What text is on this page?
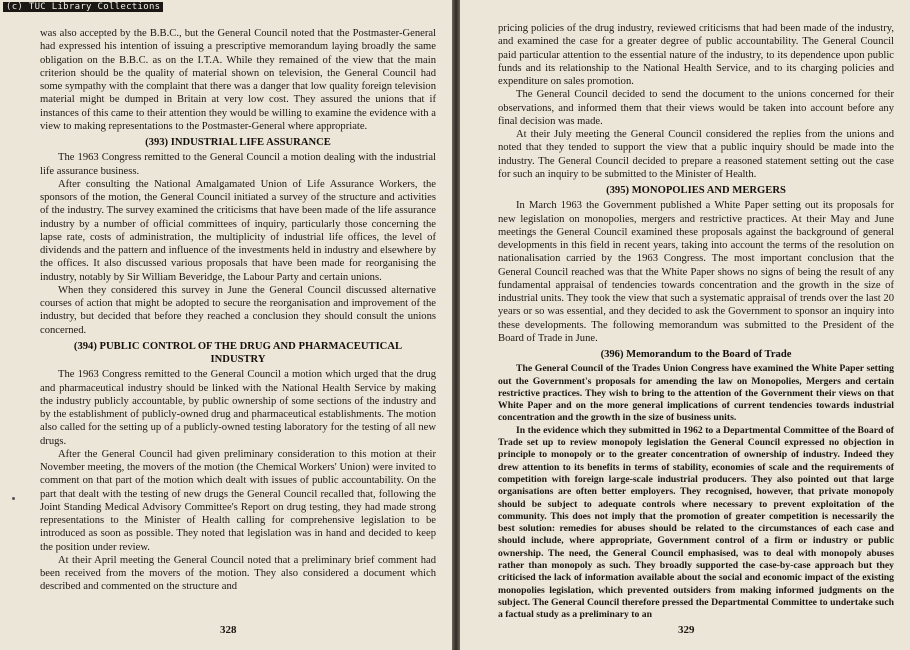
was also accepted by the B.B.C., but the General Council noted that the Postmaster-General had expressed his intention of issuing a prescriptive memorandum laying broadly the same obligation on the B.B.C. as on the I.T.A. While they remained of the view that the main criterion should be the quality of material shown on television, the General Council had some sympathy with the complaint that there was a danger that low quality foreign television material might be dumped in Britain at very low cost. They assured the unions that if instances of this came to their attention they would be willing to examine the evidence with a view to making representations to the Postmaster-General where appropriate.

(393) INDUSTRIAL LIFE ASSURANCE

The 1963 Congress remitted to the General Council a motion dealing with the industrial life assurance business.

After consulting the National Amalgamated Union of Life Assurance Workers, the sponsors of the motion, the General Council initiated a survey of the structure and activities of the industry. The survey examined the criticisms that have been made of the life assurance industry by a number of official committees of inquiry, particularly those concerning the lapse rate, costs of administration, the multiplicity of industrial life offices, the level of dividends and the pattern and influence of the investments held in industry and elsewhere by the offices. It also discussed various proposals that have been made for reorganising the industry, notably by Sir William Beveridge, the Labour Party and certain unions.

When they considered this survey in June the General Council discussed alternative courses of action that might be adopted to secure the reorganisation and improvement of the industry, but decided that before they reached a conclusion they should consult the unions concerned.

(394) PUBLIC CONTROL OF THE DRUG AND PHARMACEUTICAL
INDUSTRY

The 1963 Congress remitted to the General Council a motion which urged that the drug and pharmaceutical industry should be linked with the National Health Service by making the industry publicly accountable, by public ownership of some sections of the industry and by the establishment of publicly-owned drug and pharmaceutical establishments. The motion also called for the setting up of a publicly-owned testing laboratory for the testing of all new drugs.

After the General Council had given preliminary consideration to this motion at their November meeting, the movers of the motion (the Chemical Workers' Union) were invited to comment on that part of the motion which dealt with issues of public accountability. On the part that dealt with the testing of new drugs the General Council recalled that, following the Joint Standing Medical Advisory Committee's Report on drug testing, they had made strong representations to the Minister of Health calling for comprehensive legislation to be introduced as soon as possible. They noted that legislation was in hand and decided to keep the position under review.

At their April meeting the General Council noted that a preliminary brief comment had been received from the movers of the motion. They also considered a document which described and commented on the structure and

328

pricing policies of the drug industry, reviewed criticisms that had been made of the industry, and examined the case for a greater degree of public accountability. The General Council paid particular attention to the essential nature of the industry, to its dependence upon public funds and its relationship to the National Health Service, and to its charging policies and expenditure on sales promotion.

The General Council decided to send the document to the unions concerned for their observations, and informed them that their views would be taken into account before any final decision was made.

At their July meeting the General Council considered the replies from the unions and noted that they tended to support the view that a public inquiry should be made into the industry. The General Council decided to prepare a reasoned statement setting out the case for such an inquiry to be submitted to the Minister of Health.

(395) MONOPOLIES AND MERGERS

In March 1963 the Government published a White Paper setting out its proposals for new legislation on monopolies, mergers and restrictive practices. At their May and June meetings the General Council examined these proposals against the background of general developments in this field in recent years, taking into account the terms of the resolution on nationalisation carried by the 1963 Congress. The most important conclusion that the General Council reached was that the White Paper shows no signs of being the result of any fundamental appraisal of tendencies towards concentration and the growth in the size of industrial units. They took the view that such a systematic appraisal of trends over the last 20 years or so was essential, and they decided to ask the Government to sponsor an inquiry into these developments. The following memorandum was submitted to the President of the Board of Trade in June.

(396) Memorandum to the Board of Trade

The General Council of the Trades Union Congress have examined the White Paper setting out the Government's proposals for amending the law on Monopolies, Mergers and certain restrictive practices. They wish to bring to the attention of the Government their views on that White Paper and on the more general implications of current tendencies towards industrial concentration and the growth in the size of business units.

In the evidence which they submitted in 1962 to a Departmental Committee of the Board of Trade set up to review monopoly legislation the General Council expressed no objection in principle to monopoly or to the greater concentration of ownership of industry. Indeed they drew attention to its benefits in terms of stability, economies of scale and the requirements of competition with foreign large-scale industrial producers. They also pointed out that large organisations are often better employers. They recognised, however, that private monopoly should be subject to adequate controls where necessary to prevent exploitation of the community. This does not imply that the promotion of greater competition is necessarily the best solution: remedies for abuses should be related to the circumstances of each case and should include, where appropriate, Government control of a firm or industry or public ownership. The need, the General Council emphasised, was to deal with monopoly abuses rather than monopoly as such. They broadly supported the case-by-case approach but they criticised the lack of information available about the social and economic impact of the existing monopolies legislation, which prevented outsiders from making informed judgments on the subject. The General Council therefore pressed the Departmental Committee to undertake such a factual study as a preliminary to an

329
(c) TUC Library Collections
